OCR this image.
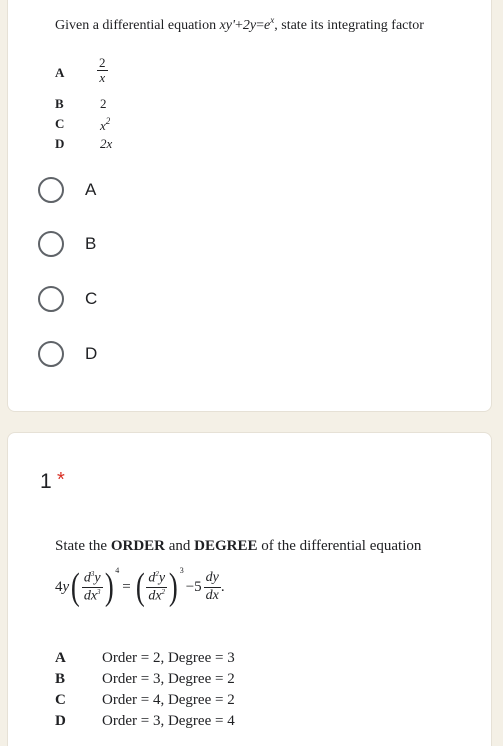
Given a differential equation $xy'+2y=e^x$, state its integrating factor
A	$\frac{2}{x}$
B	2
C	$x^2$
D	2x
A
B
C
D
1 *
State the ORDER and DEGREE of the differential equation
4 y ( $\frac{d^3y}{dx^3}$ ) 4
= ( $\frac{d^2y}{dx^2}$ ) 3
$-5 \frac{dy}{dx}$ .
A Order = 2, Degree = 3
B Order = 3, Degree = 2
C Order = 4, Degree = 2
D Order = 3, Degree = 4
